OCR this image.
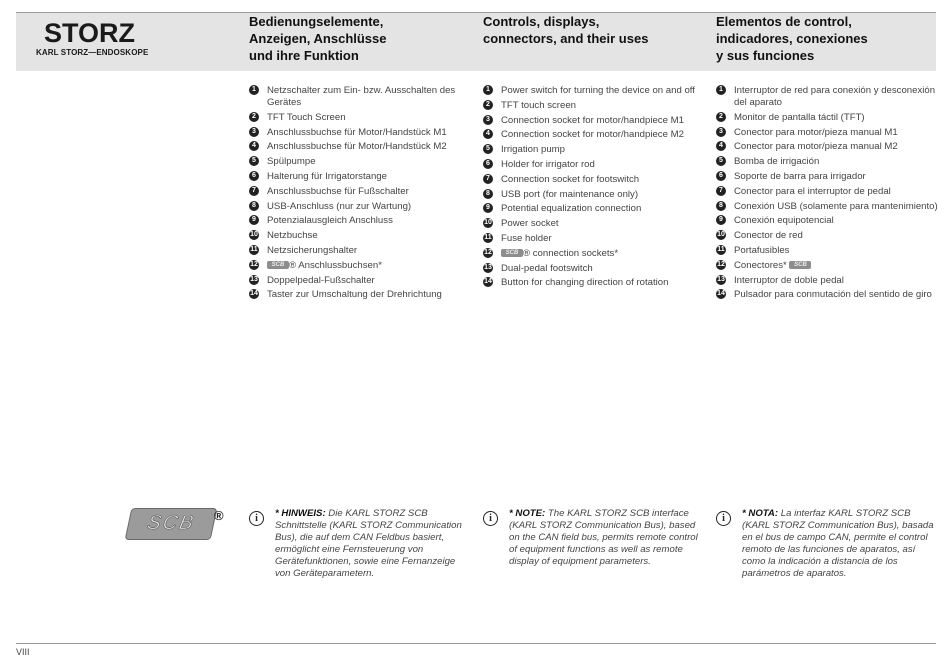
STORZ
KARL STORZ—ENDOSKOPE
Bedienungselemente,
Anzeigen, Anschlüsse
und ihre Funktion
Controls, displays,
connectors, and their uses
Elementos de control,
indicadores, conexiones
y sus funciones
1	Netzschalter zum Ein- bzw. Ausschalten des Gerätes
2	TFT Touch Screen
3	Anschlussbuchse für Motor/Handstück M1
4	Anschlussbuchse für Motor/Handstück M2
5	Spülpumpe
6	Halterung für Irrigatorstange
7	Anschlussbuchse für Fußschalter
8	USB-Anschluss (nur zur Wartung)
9	Potenzialausgleich Anschluss
10 Netzbuchse
11 Netzsicherungshalter
12 SCB ® Anschlussbuchsen*
13 Doppelpedal-Fußschalter
14 Taster zur Umschaltung der Drehrichtung
1	Power switch for turning the device on and off
2	TFT touch screen
3	Connection socket for motor/handpiece M1
4	Connection socket for motor/handpiece M2
5	Irrigation pump
6	Holder for irrigator rod
7	Connection socket for footswitch
8	USB port (for maintenance only)
9	Potential equalization connection
10 Power socket
11 Fuse holder
12 SCB ® connection sockets*
13 Dual-pedal footswitch
14 Button for changing direction of rotation
1	Interruptor de red para conexión y desconexión del aparato
2	Monitor de pantalla táctil (TFT)
3	Conector para motor/pieza manual M1
4	Conector para motor/pieza manual M2
5	Bomba de irrigación
6	Soporte de barra para irrigador
7	Conector para el interruptor de pedal
8	Conexión USB (solamente para mantenimiento)
9	Conexión equipotencial
10 Conector de red
11 Portafusibles
12 Conectores* SCB
13 Interruptor de doble pedal
14 Pulsador para conmutación del sentido de giro
SCB	®	i	* HINWEIS: Die KARL STORZ SCB Schnittstelle (KARL STORZ Communication Bus), die auf dem CAN Feldbus basiert, ermöglicht eine Fernsteuerung von Gerätefunktionen, sowie eine Fernanzeige von Geräteparametern.
i	* NOTE: The KARL STORZ SCB interface (KARL STORZ Communication Bus), based on the CAN field bus, permits remote control of equipment functions as well as remote display of equipment parameters.
i	* NOTA: La interfaz KARL STORZ SCB (KARL STORZ Communication Bus), basada en el bus de campo CAN, permite el control remoto de las funciones de aparatos, así como la indicación a distancia de los parámetros de aparatos.
VIII
